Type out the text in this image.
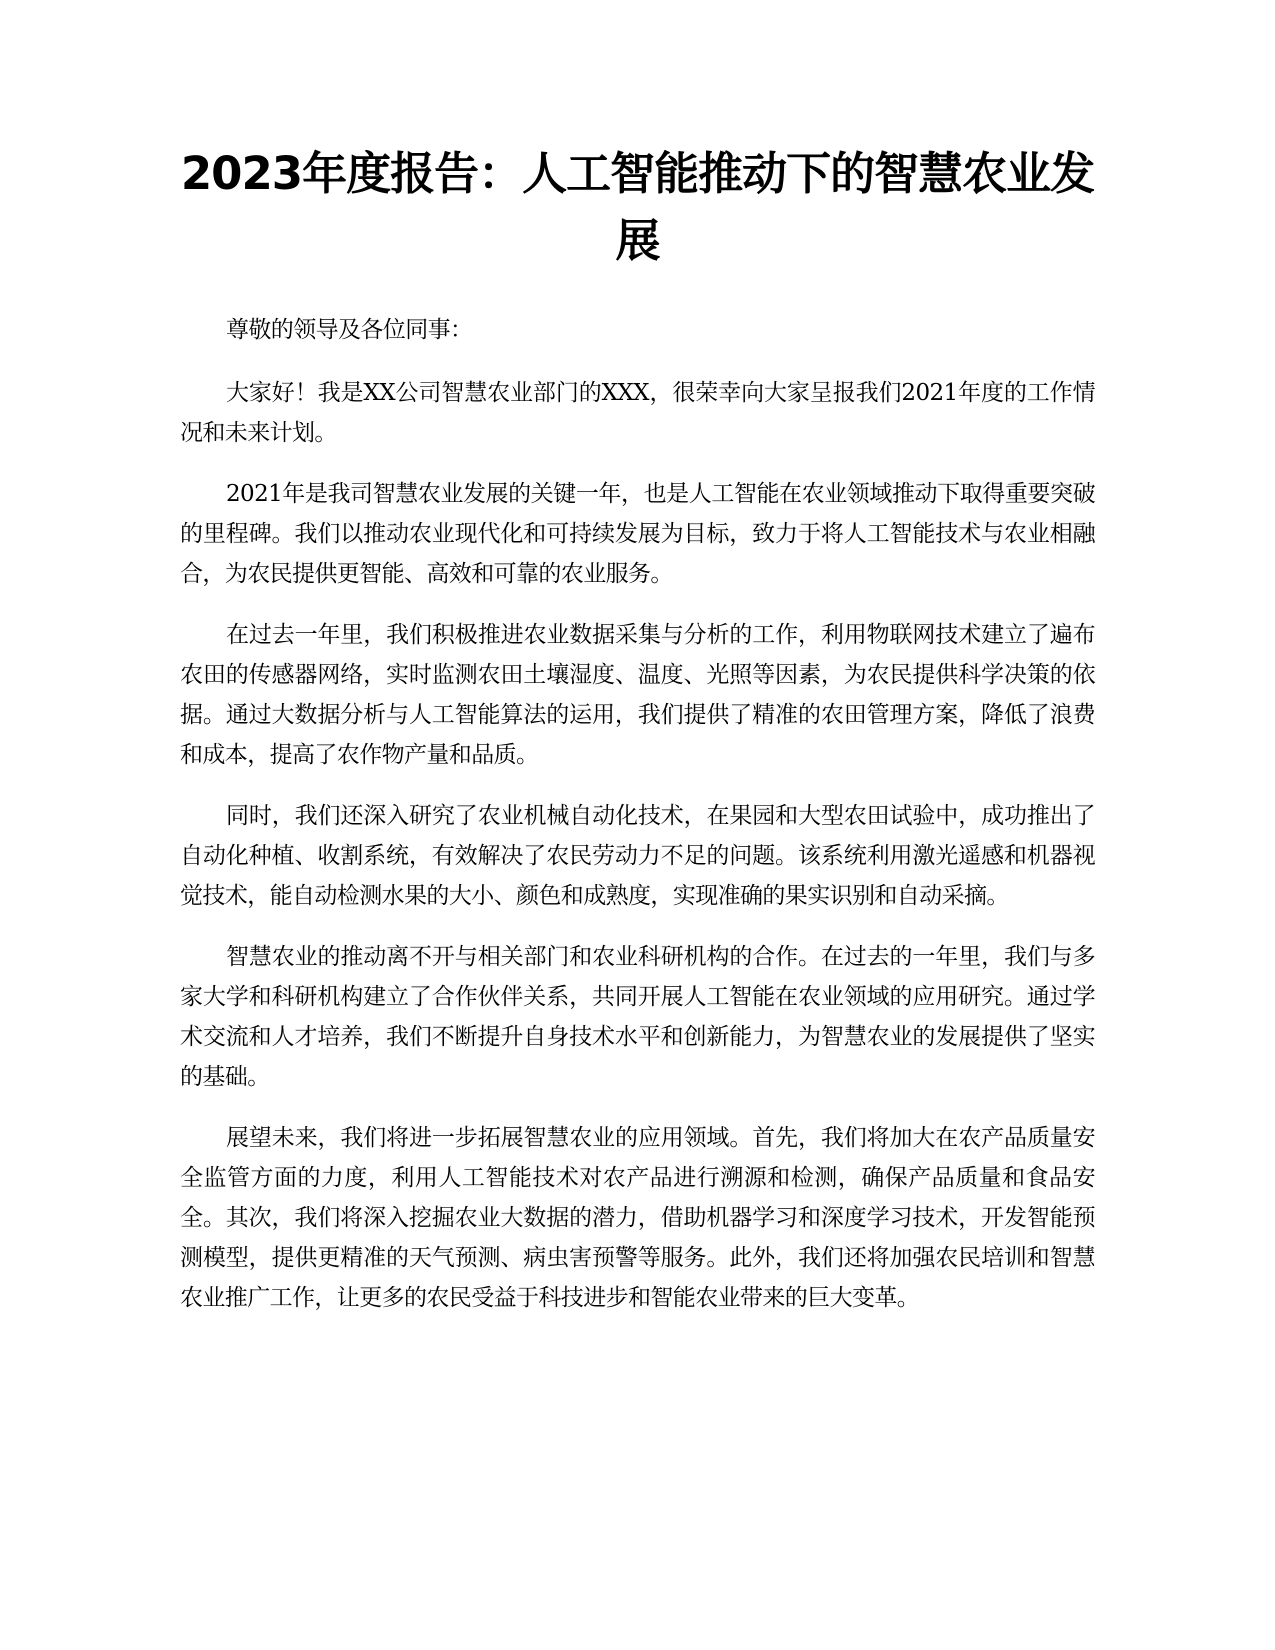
2023年度报告：人工智能推动下的智慧农业发展

尊敬的领导及各位同事：

大家好！我是XX公司智慧农业部门的XXX，很荣幸向大家呈报我们2021年度的工作情况和未来计划。

2021年是我司智慧农业发展的关键一年，也是人工智能在农业领域推动下取得重要突破的里程碑。我们以推动农业现代化和可持续发展为目标，致力于将人工智能技术与农业相融合，为农民提供更智能、高效和可靠的农业服务。

在过去一年里，我们积极推进农业数据采集与分析的工作，利用物联网技术建立了遍布农田的传感器网络，实时监测农田土壤湿度、温度、光照等因素，为农民提供科学决策的依据。通过大数据分析与人工智能算法的运用，我们提供了精准的农田管理方案，降低了浪费和成本，提高了农作物产量和品质。

同时，我们还深入研究了农业机械自动化技术，在果园和大型农田试验中，成功推出了自动化种植、收割系统，有效解决了农民劳动力不足的问题。该系统利用激光遥感和机器视觉技术，能自动检测水果的大小、颜色和成熟度，实现准确的果实识别和自动采摘。

智慧农业的推动离不开与相关部门和农业科研机构的合作。在过去的一年里，我们与多家大学和科研机构建立了合作伙伴关系，共同开展人工智能在农业领域的应用研究。通过学术交流和人才培养，我们不断提升自身技术水平和创新能力，为智慧农业的发展提供了坚实的基础。

展望未来，我们将进一步拓展智慧农业的应用领域。首先，我们将加大在农产品质量安全监管方面的力度，利用人工智能技术对农产品进行溯源和检测，确保产品质量和食品安全。其次，我们将深入挖掘农业大数据的潜力，借助机器学习和深度学习技术，开发智能预测模型，提供更精准的天气预测、病虫害预警等服务。此外，我们还将加强农民培训和智慧农业推广工作，让更多的农民受益于科技进步和智能农业带来的巨大变革。
